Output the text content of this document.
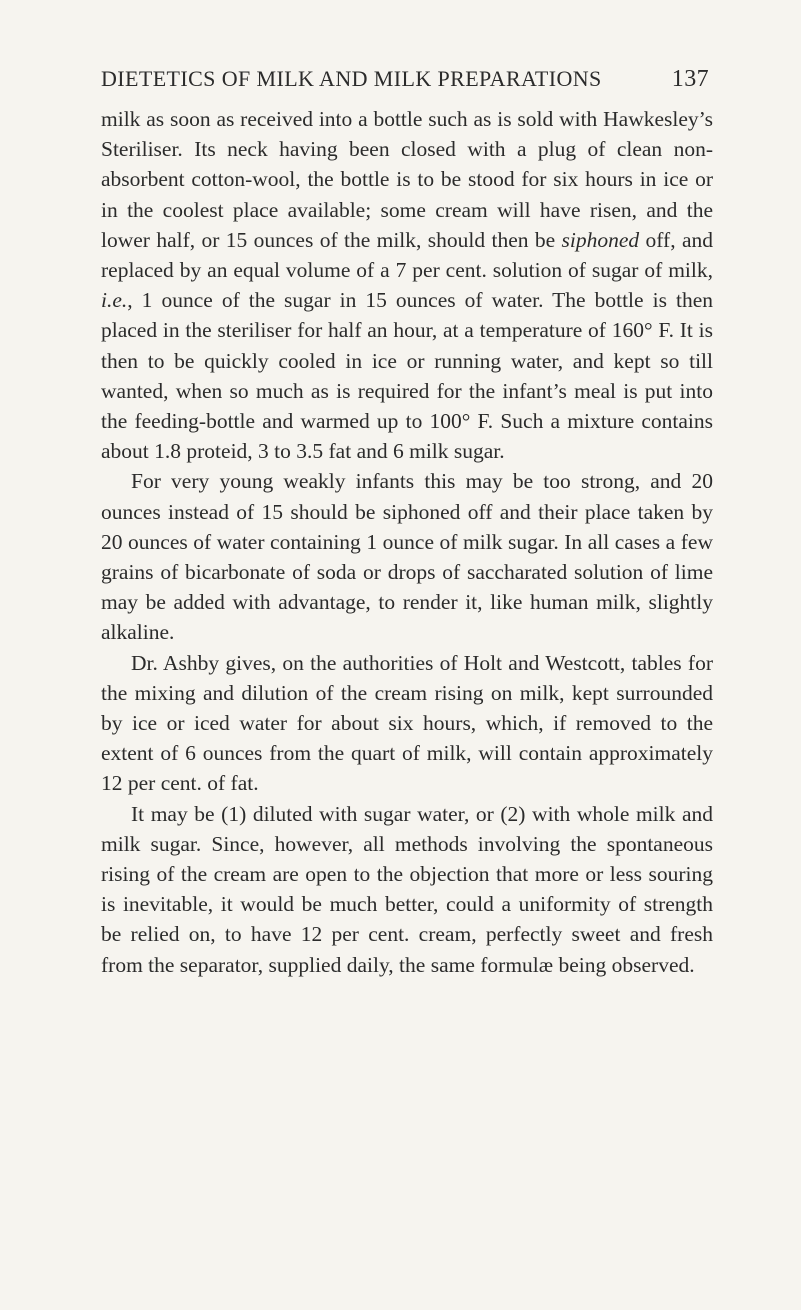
DIETETICS OF MILK AND MILK PREPARATIONS	137

milk as soon as received into a bottle such as is sold with Hawkesley’s Steriliser. Its neck having been closed with a plug of clean non-absorbent cotton-wool, the bottle is to be stood for six hours in ice or in the coolest place available; some cream will have risen, and the lower half, or 15 ounces of the milk, should then be siphoned off, and replaced by an equal volume of a 7 per cent. solution of sugar of milk, i.e., 1 ounce of the sugar in 15 ounces of water. The bottle is then placed in the steriliser for half an hour, at a temperature of 160° F. It is then to be quickly cooled in ice or running water, and kept so till wanted, when so much as is required for the infant’s meal is put into the feeding-bottle and warmed up to 100° F. Such a mixture contains about 1.8 proteid, 3 to 3.5 fat and 6 milk sugar.

For very young weakly infants this may be too strong, and 20 ounces instead of 15 should be siphoned off and their place taken by 20 ounces of water containing 1 ounce of milk sugar. In all cases a few grains of bicarbonate of soda or drops of saccharated solution of lime may be added with advantage, to render it, like human milk, slightly alkaline.

Dr. Ashby gives, on the authorities of Holt and Westcott, tables for the mixing and dilution of the cream rising on milk, kept surrounded by ice or iced water for about six hours, which, if removed to the extent of 6 ounces from the quart of milk, will contain approximately 12 per cent. of fat.

It may be (1) diluted with sugar water, or (2) with whole milk and milk sugar. Since, however, all methods involving the spontaneous rising of the cream are open to the objection that more or less souring is inevitable, it would be much better, could a uniformity of strength be relied on, to have 12 per cent. cream, perfectly sweet and fresh from the separator, supplied daily, the same formulæ being observed.
